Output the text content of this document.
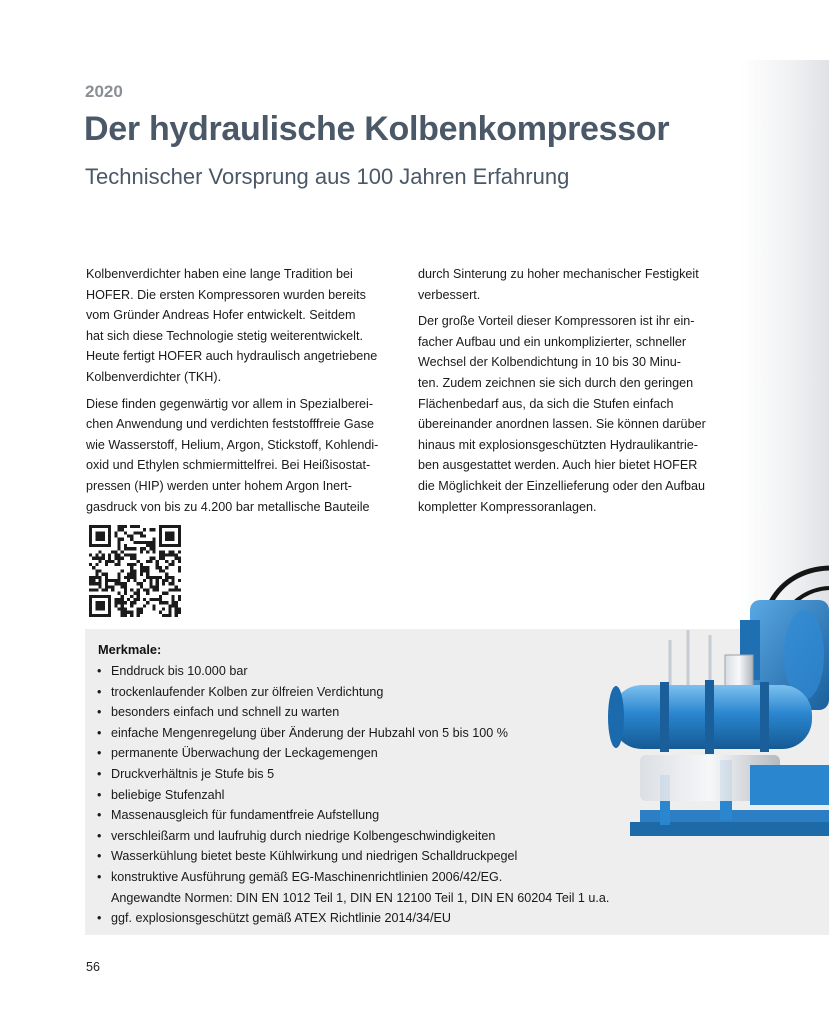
2020
Der hydraulische Kolbenkompressor
Technischer Vorsprung aus 100 Jahren Erfahrung

Kolbenverdichter haben eine lange Tradition bei
HOFER. Die ersten Kompressoren wurden bereits
vom Gründer Andreas Hofer entwickelt. Seitdem
hat sich diese Technologie stetig weiterentwickelt.
Heute fertigt HOFER auch hydraulisch angetriebene
Kolbenverdichter (TKH).

Diese finden gegenwärtig vor allem in Spezialberei-
chen Anwendung und verdichten feststofffreie Gase
wie Wasserstoff, Helium, Argon, Stickstoff, Kohlendi-
oxid und Ethylen schmiermittelfrei. Bei Heißisostat-
pressen (HIP) werden unter hohem Argon Inert-
gasdruck von bis zu 4.200 bar metallische Bauteile

durch Sinterung zu hoher mechanischer Festigkeit
verbessert.

Der große Vorteil dieser Kompressoren ist ihr ein-
facher Aufbau und ein unkomplizierter, schneller
Wechsel der Kolbendichtung in 10 bis 30 Minu-
ten. Zudem zeichnen sie sich durch den geringen
Flächenbedarf aus, da sich die Stufen einfach
übereinander anordnen lassen. Sie können darüber
hinaus mit explosionsgeschützten Hydraulikantrie-
ben ausgestattet werden. Auch hier bietet HOFER
die Möglichkeit der Einzellieferung oder den Aufbau
kompletter Kompressoranlagen.

Merkmale:
• Enddruck bis 10.000 bar
• trockenlaufender Kolben zur ölfreien Verdichtung
• besonders einfach und schnell zu warten
• einfache Mengenregelung über Änderung der Hubzahl von 5 bis 100 %
• permanente Überwachung der Leckagemengen
• Druckverhältnis je Stufe bis 5
• beliebige Stufenzahl
• Massenausgleich für fundamentfreie Aufstellung
• verschleißarm und laufruhig durch niedrige Kolbengeschwindigkeiten
• Wasserkühlung bietet beste Kühlwirkung und niedrigen Schalldruckpegel
• konstruktive Ausführung gemäß EG-Maschinenrichtlinien 2006/42/EG.
Angewandte Normen: DIN EN 1012 Teil 1, DIN EN 12100 Teil 1, DIN EN 60204 Teil 1 u.a.
• ggf. explosionsgeschützt gemäß ATEX Richtlinie 2014/34/EU
56
